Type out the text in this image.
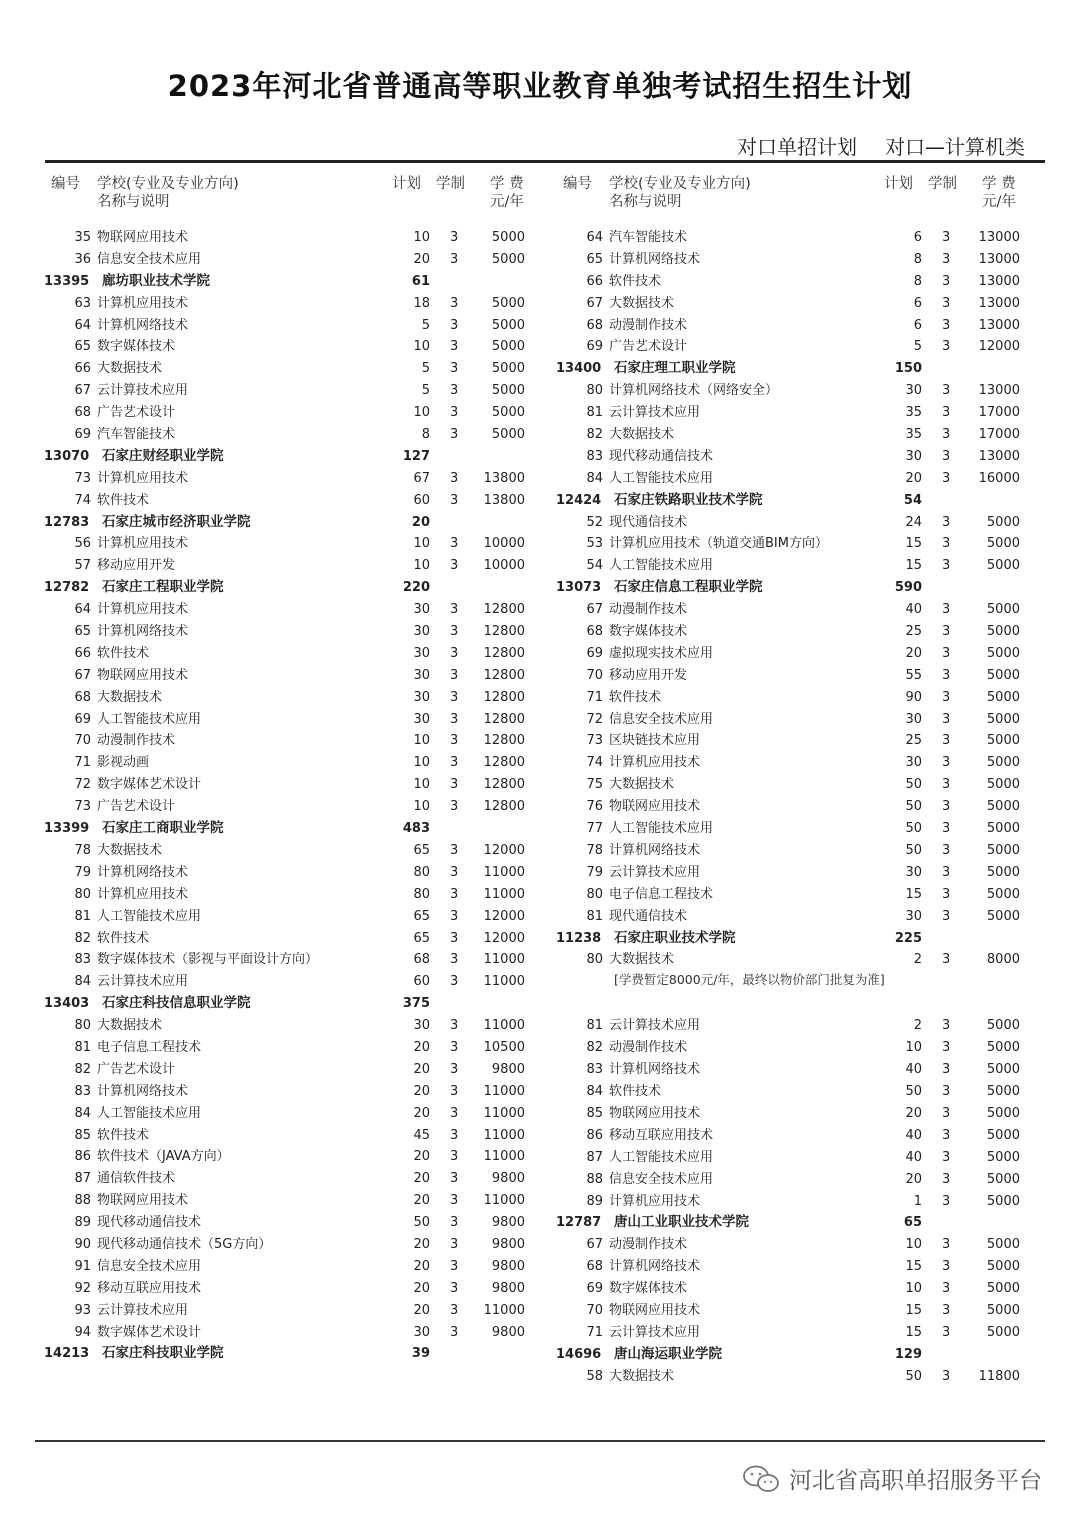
2023年河北省普通高等职业教育单独考试招生招生计划
对口单招计划 对口—计算机类
编号 学校(专业及专业方向)
名称与说明
计划 学制 学 费
元/年
35 物联网应用技术	10 3	5000
36 信息安全技术应用	20 3	5000
13395 廊坊职业技术学院	61
63 计算机应用技术	18 3	5000
64 计算机网络技术	5 3	5000
65 数字媒体技术	10 3	5000
66 大数据技术	5 3	5000
67 云计算技术应用	5 3	5000
68 广告艺术设计	10 3	5000
69 汽车智能技术	8 3	5000
13070 石家庄财经职业学院	127
73 计算机应用技术	67 3	13800
74 软件技术	60 3	13800
12783 石家庄城市经济职业学院	20
56 计算机应用技术	10 3	10000
57 移动应用开发	10 3	10000
12782 石家庄工程职业学院	220
64 计算机应用技术	30 3	12800
65 计算机网络技术	30 3	12800
66 软件技术	30 3	12800
67 物联网应用技术	30 3	12800
68 大数据技术	30 3	12800
69 人工智能技术应用	30 3	12800
70 动漫制作技术	10 3	12800
71 影视动画	10 3	12800
72 数字媒体艺术设计	10 3	12800
73 广告艺术设计	10 3	12800
13399 石家庄工商职业学院	483
78 大数据技术	65 3	12000
79 计算机网络技术	80 3	11000
80 计算机应用技术	80 3	11000
81 人工智能技术应用	65 3	12000
82 软件技术	65 3	12000
83 数字媒体技术（影视与平面设计方向）	68 3	11000
84 云计算技术应用	60 3	11000
13403 石家庄科技信息职业学院	375
80 大数据技术	30 3	11000
81 电子信息工程技术	20 3	10500
82 广告艺术设计	20 3	9800
83 计算机网络技术	20 3	11000
84 人工智能技术应用	20 3	11000
85 软件技术	45 3	11000
86 软件技术（JAVA方向）	20 3	11000
87 通信软件技术	20 3	9800
88 物联网应用技术	20 3	11000
89 现代移动通信技术	50 3	9800
90 现代移动通信技术（5G方向）	20 3	9800
91 信息安全技术应用	20 3	9800
92 移动互联应用技术	20 3	9800
93 云计算技术应用	20 3	11000
94 数字媒体艺术设计	30 3	9800
14213 石家庄科技职业学院	39
编号 学校(专业及专业方向)
名称与说明
计划 学制 学 费
元/年
64 汽车智能技术	6 3	13000
65 计算机网络技术	8 3	13000
66 软件技术	8 3	13000
67 大数据技术	6 3	13000
68 动漫制作技术	6 3	13000
69 广告艺术设计	5 3	12000
13400 石家庄理工职业学院	150
80 计算机网络技术（网络安全）	30 3	13000
81 云计算技术应用	35 3	17000
82 大数据技术	35 3	17000
83 现代移动通信技术	30 3	13000
84 人工智能技术应用	20 3	16000
12424 石家庄铁路职业技术学院	54
52 现代通信技术	24 3	5000
53 计算机应用技术（轨道交通BIM方向）	15 3	5000
54 人工智能技术应用	15 3	5000
13073 石家庄信息工程职业学院	590
67 动漫制作技术	40 3	5000
68 数字媒体技术	25 3	5000
69 虚拟现实技术应用	20 3	5000
70 移动应用开发	55 3	5000
71 软件技术	90 3	5000
72 信息安全技术应用	30 3	5000
73 区块链技术应用	25 3	5000
74 计算机应用技术	30 3	5000
75 大数据技术	50 3	5000
76 物联网应用技术	50 3	5000
77 人工智能技术应用	50 3	5000
78 计算机网络技术	50 3	5000
79 云计算技术应用	30 3	5000
80 电子信息工程技术	15 3	5000
81 现代通信技术	30 3	5000
11238 石家庄职业技术学院	225
80 大数据技术	2 3	8000
[学费暂定8000元/年，最终以物价部门批复为准]
81 云计算技术应用	2 3	5000
82 动漫制作技术	10 3	5000
83 计算机网络技术	40 3	5000
84 软件技术	50 3	5000
85 物联网应用技术	20 3	5000
86 移动互联应用技术	40 3	5000
87 人工智能技术应用	40 3	5000
88 信息安全技术应用	20 3	5000
89 计算机应用技术	1 3	5000
12787 唐山工业职业技术学院	65
67 动漫制作技术	10 3	5000
68 计算机网络技术	15 3	5000
69 数字媒体技术	10 3	5000
70 物联网应用技术	15 3	5000
71 云计算技术应用	15 3	5000
14696 唐山海运职业学院	129
58 大数据技术	50 3	11800
河北省高职单招服务平台
